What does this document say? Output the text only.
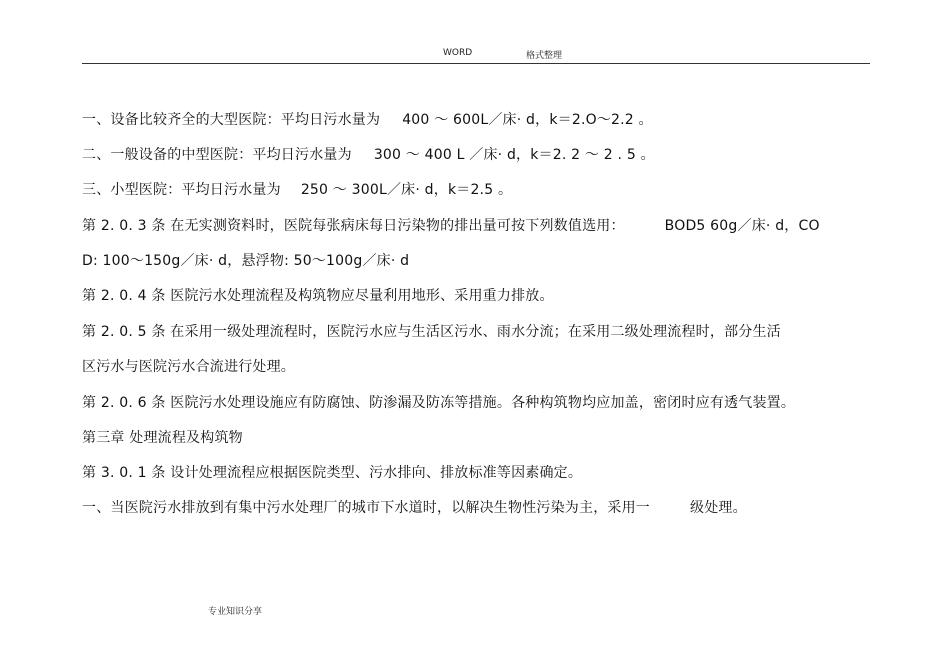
WORD	格式整理
一、设备比较齐全的大型医院：平均日污水量为 400 ～ 600L／床· d，k＝2.O～2.2 。
二、一般设备的中型医院：平均日污水量为 300 ～ 400 L ／床· d，k＝2. 2 ～ 2 . 5 。
三、小型医院：平均日污水量为 250 ～ 300L／床· d，k＝2.5 。
第 2. 0. 3 条 在无实测资料时，医院每张病床每日污染物的排出量可按下列数值选用：	BOD5 60g／床· d，CO
D: 100～150g／床· d，悬浮物: 50～100g／床· d
第 2. 0. 4 条 医院污水处理流程及构筑物应尽量利用地形、采用重力排放。
第 2. 0. 5 条 在采用一级处理流程时，医院污水应与生活区污水、雨水分流；在采用二级处理流程时，部分生活
区污水与医院污水合流进行处理。
第 2. 0. 6 条 医院污水处理设施应有防腐蚀、防渗漏及防冻等措施。各种构筑物均应加盖，密闭时应有透气装置。
第三章 处理流程及构筑物
第 3. 0. 1 条 设计处理流程应根据医院类型、污水排向、排放标准等因素确定。
一、当医院污水排放到有集中污水处理厂的城市下水道时，以解决生物性污染为主，采用一	级处理。
专业知识分享
